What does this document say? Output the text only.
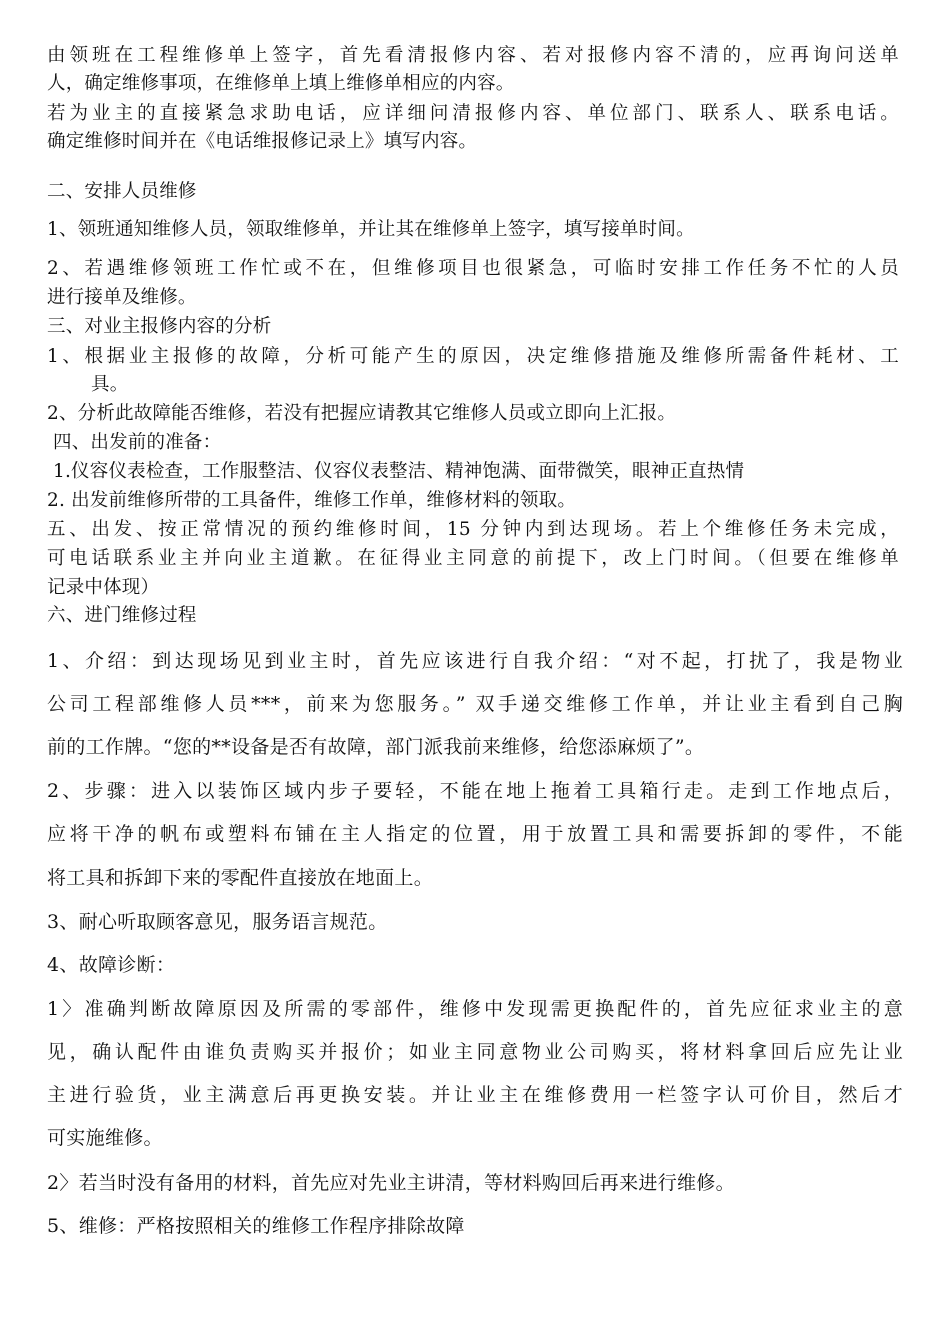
由领班在工程维修单上签字，首先看清报修内容、若对报修内容不清的，应再询问送单

人，确定维修事项，在维修单上填上维修单相应的内容。

若为业主的直接紧急求助电话，应详细问清报修内容、单位部门、联系人、联系电话。

确定维修时间并在《电话维报修记录上》填写内容。

二、安排人员维修

1、领班通知维修人员，领取维修单，并让其在维修单上签字，填写接单时间。

2、若遇维修领班工作忙或不在，但维修项目也很紧急，可临时安排工作任务不忙的人员

进行接单及维修。

三、对业主报修内容的分析

1、根据业主报修的故障，分析可能产生的原因，决定维修措施及维修所需备件耗材、工

具。

2、分析此故障能否维修，若没有把握应请教其它维修人员或立即向上汇报。

四、出发前的准备：

1.仪容仪表检查，工作服整洁、仪容仪表整洁、精神饱满、面带微笑，眼神正直热情

2. 出发前维修所带的工具备件，维修工作单，维修材料的领取。

五、出发、按正常情况的预约维修时间，15 分钟内到达现场。若上个维修任务未完成，

可电话联系业主并向业主道歉。在征得业主同意的前提下，改上门时间。（但要在维修单

记录中体现）

六、进门维修过程

1、介绍：到达现场见到业主时，首先应该进行自我介绍：“对不起，打扰了，我是物业

公司工程部维修人员***，前来为您服务。” 双手递交维修工作单，并让业主看到自己胸

前的工作牌。“您的**设备是否有故障，部门派我前来维修，给您添麻烦了”。

2、步骤：进入以装饰区域内步子要轻，不能在地上拖着工具箱行走。走到工作地点后，

应将干净的帆布或塑料布铺在主人指定的位置，用于放置工具和需要拆卸的零件，不能

将工具和拆卸下来的零配件直接放在地面上。

3、耐心听取顾客意见，服务语言规范。

4、故障诊断：

1〉准确判断故障原因及所需的零部件，维修中发现需更换配件的，首先应征求业主的意

见，确认配件由谁负责购买并报价；如业主同意物业公司购买，将材料拿回后应先让业

主进行验货，业主满意后再更换安装。并让业主在维修费用一栏签字认可价目，然后才

可实施维修。

2〉若当时没有备用的材料，首先应对先业主讲清，等材料购回后再来进行维修。

5、维修：严格按照相关的维修工作程序排除故障
